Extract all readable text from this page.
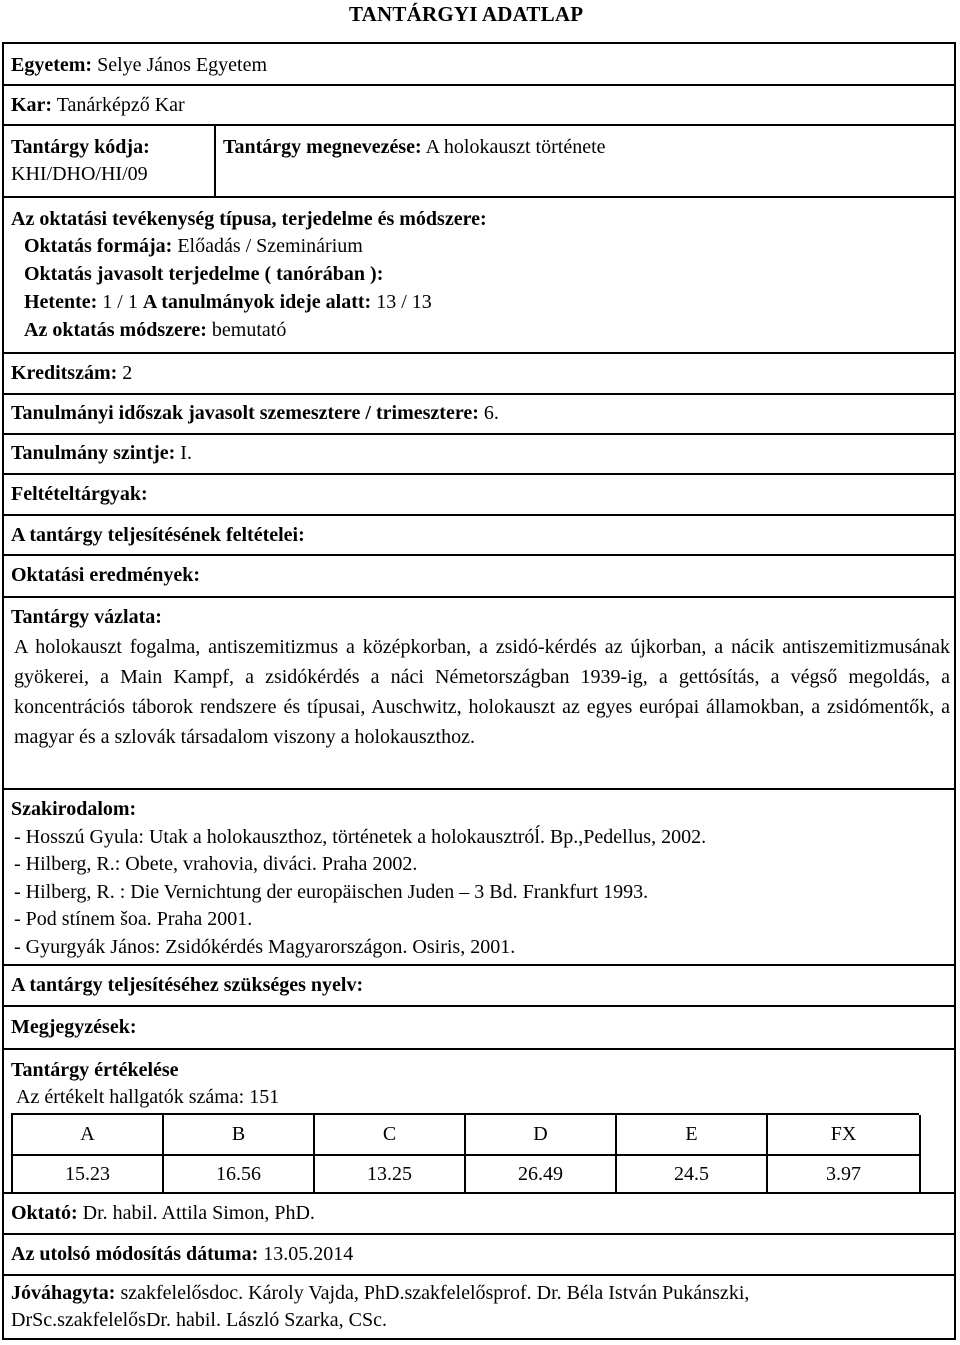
TANTÁRGYI ADATLAP
Egyetem: Selye János Egyetem
Kar: Tanárképző Kar
Tantárgy kódja:
KHI/DHO/HI/09
Tantárgy megnevezése: A holokauszt története
Az oktatási tevékenység típusa, terjedelme és módszere:
Oktatás formája: Előadás / Szeminárium
Oktatás javasolt terjedelme ( tanórában ):
Hetente: 1 / 1 A tanulmányok ideje alatt: 13 / 13
Az oktatás módszere: bemutató
Kreditszám: 2
Tanulmányi időszak javasolt szemesztere / trimesztere: 6.
Tanulmány szintje: I.
Feltételtárgyak:
A tantárgy teljesítésének feltételei:
Oktatási eredmények:
Tantárgy vázlata:
A holokauszt fogalma, antiszemitizmus a középkorban, a zsidó-kérdés az újkorban, a nácik antiszemitizmusának gyökerei, a Main Kampf, a zsidókérdés a náci Németországban 1939-ig, a gettósítás, a végső megoldás, a koncentrációs táborok rendszere és típusai, Auschwitz, holokauszt az egyes európai államokban, a zsidómentők, a magyar és a szlovák társadalom viszony a holokauszthoz.
Szakirodalom:
- Hosszú Gyula: Utak a holokauszthoz, történetek a holokausztróĺ. Bp.,Pedellus, 2002.
- Hilberg, R.: Obete, vrahovia, diváci. Praha 2002.
- Hilberg, R. : Die Vernichtung der europäischen Juden – 3 Bd. Frankfurt 1993.
- Pod stínem šoa. Praha 2001.
- Gyurgyák János: Zsidókérdés Magyarországon. Osiris, 2001.
A tantárgy teljesítéséhez szükséges nyelv:
Megjegyzések:
Tantárgy értékelése
Az értékelt hallgatók száma: 151
A	B	C	D	E	FX
15.23	16.56	13.25	26.49	24.5	3.97
Oktató: Dr. habil. Attila Simon, PhD.
Az utolsó módosítás dátuma: 13.05.2014
Jóváhagyta: szakfelelősdoc. Károly Vajda, PhD.szakfelelősprof. Dr. Béla István Pukánszki,
DrSc.szakfelelősDr. habil. László Szarka, CSc.
